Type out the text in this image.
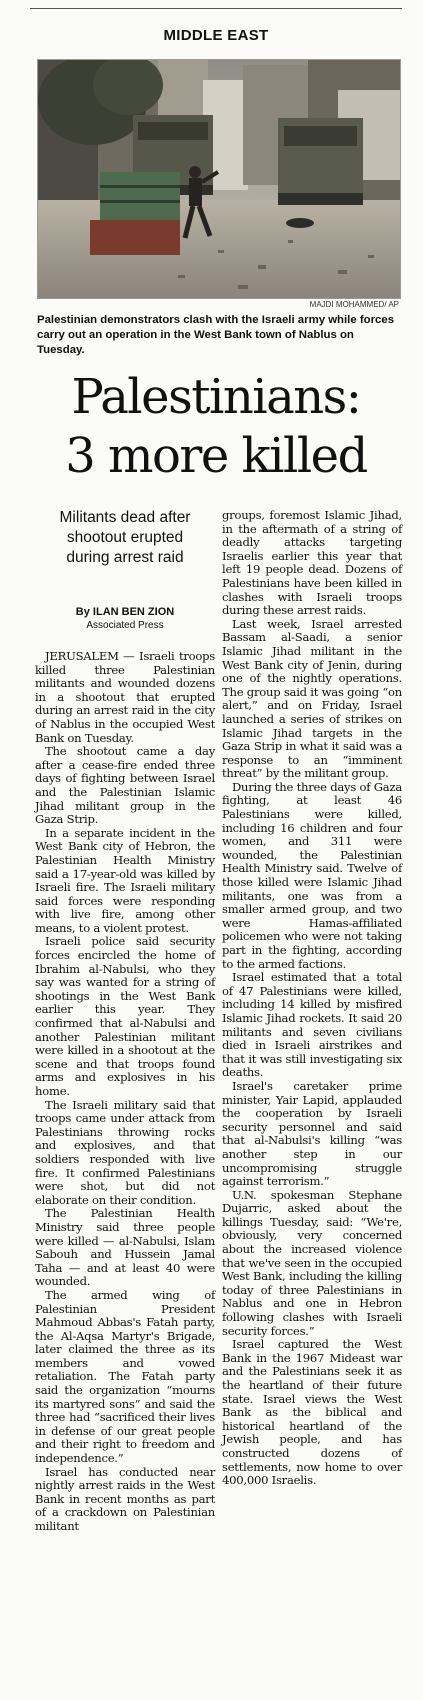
MIDDLE EAST
MAJDI MOHAMMED/ AP
Palestinian demonstrators clash with the Israeli army while forces carry out an operation in the West Bank town of Nablus on Tuesday.
Palestinians:
3 more killed
Militants dead after
shootout erupted
during arrest raid
By ILAN BEN ZION
Associated Press

JERUSALEM — Israeli troops killed three Palestinian militants and wounded dozens in a shootout that erupted during an arrest raid in the city of Nablus in the occupied West Bank on Tuesday.

The shootout came a day after a cease-fire ended three days of fighting between Israel and the Palestinian Islamic Jihad militant group in the Gaza Strip.

In a separate incident in the West Bank city of Hebron, the Palestinian Health Ministry said a 17-year-old was killed by Israeli fire. The Israeli military said forces were responding with live fire, among other means, to a violent protest.

Israeli police said security forces encircled the home of Ibrahim al-Nabulsi, who they say was wanted for a string of shootings in the West Bank earlier this year. They confirmed that al-Nabulsi and another Palestinian militant were killed in a shootout at the scene and that troops found arms and explosives in his home.

The Israeli military said that troops came under attack from Palestinians throwing rocks and explosives, and that soldiers responded with live fire. It confirmed Palestinians were shot, but did not elaborate on their condition.

The Palestinian Health Ministry said three people were killed — al-Nabulsi, Islam Sabouh and Hussein Jamal Taha — and at least 40 were wounded.

The armed wing of Palestinian President Mahmoud Abbas's Fatah party, the Al-Aqsa Martyr's Brigade, later claimed the three as its members and vowed retaliation. The Fatah party said the organization “mourns its martyred sons” and said the three had “sacrificed their lives in defense of our great people and their right to freedom and independence.”

Israel has conducted near nightly arrest raids in the West Bank in recent months as part of a crackdown on Palestinian militant

groups, foremost Islamic Jihad, in the aftermath of a string of deadly attacks targeting Israelis earlier this year that left 19 people dead. Dozens of Palestinians have been killed in clashes with Israeli troops during these arrest raids.

Last week, Israel arrested Bassam al-Saadi, a senior Islamic Jihad militant in the West Bank city of Jenin, during one of the nightly operations. The group said it was going “on alert,” and on Friday, Israel launched a series of strikes on Islamic Jihad targets in the Gaza Strip in what it said was a response to an “imminent threat” by the militant group.

During the three days of Gaza fighting, at least 46 Palestinians were killed, including 16 children and four women, and 311 were wounded, the Palestinian Health Ministry said. Twelve of those killed were Islamic Jihad militants, one was from a smaller armed group, and two were Hamas-affiliated policemen who were not taking part in the fighting, according to the armed factions.

Israel estimated that a total of 47 Palestinians were killed, including 14 killed by misfired Islamic Jihad rockets. It said 20 militants and seven civilians died in Israeli airstrikes and that it was still investigating six deaths.

Israel's caretaker prime minister, Yair Lapid, applauded the cooperation by Israeli security personnel and said that al-Nabulsi's killing “was another step in our uncompromising struggle against terrorism.”

U.N. spokesman Stephane Dujarric, asked about the killings Tuesday, said: “We're, obviously, very concerned about the increased violence that we've seen in the occupied West Bank, including the killing today of three Palestinians in Nablus and one in Hebron following clashes with Israeli security forces.”

Israel captured the West Bank in the 1967 Mideast war and the Palestinians seek it as the heartland of their future state. Israel views the West Bank as the biblical and historical heartland of the Jewish people, and has constructed dozens of settlements, now home to over 400,000 Israelis.
